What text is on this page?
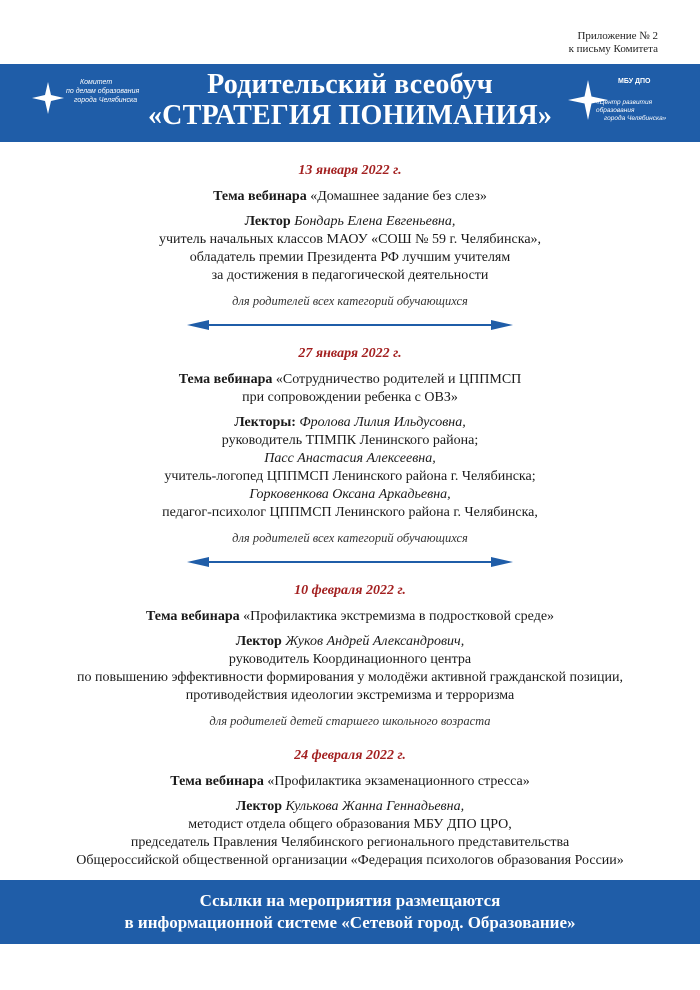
Приложение № 2
к письму Комитета
Комитет
по делам образования
города Челябинска
Родительский всеобуч
«СТРАТЕГИЯ ПОНИМАНИЯ»
МБУ ДПО
«Центр развития образования
города Челябинска»
13 января 2022 г.
Тема вебинара «Домашнее задание без слез»
Лектор Бондарь Елена Евгеньевна,
учитель начальных классов МАОУ «СОШ № 59 г. Челябинска»,
обладатель премии Президента РФ лучшим учителям
за достижения в педагогической деятельности
для родителей всех категорий обучающихся
27 января 2022 г.
Тема вебинара «Сотрудничество родителей и ЦППМСП
при сопровождении ребенка с ОВЗ»
Лекторы: Фролова Лилия Ильдусовна,
руководитель ТПМПК Ленинского района;
Пасс Анастасия Алексеевна,
учитель-логопед ЦППМСП Ленинского района г. Челябинска;
Горковенкова Оксана Аркадьевна,
педагог-психолог ЦППМСП Ленинского района г. Челябинска,
для родителей всех категорий обучающихся
10 февраля 2022 г.
Тема вебинара «Профилактика экстремизма в подростковой среде»
Лектор Жуков Андрей Александрович,
руководитель Координационного центра
по повышению эффективности формирования у молодёжи активной гражданской позиции,
противодействия идеологии экстремизма и терроризма
для родителей детей старшего школьного возраста
24 февраля 2022 г.
Тема вебинара «Профилактика экзаменационного стресса»
Лектор Кулькова Жанна Геннадьевна,
методист отдела общего образования МБУ ДПО ЦРО,
председатель Правления Челябинского регионального представительства
Общероссийской общественной организации «Федерация психологов образования России»
Ссылки на мероприятия размещаются
в информационной системе «Сетевой город. Образование»
